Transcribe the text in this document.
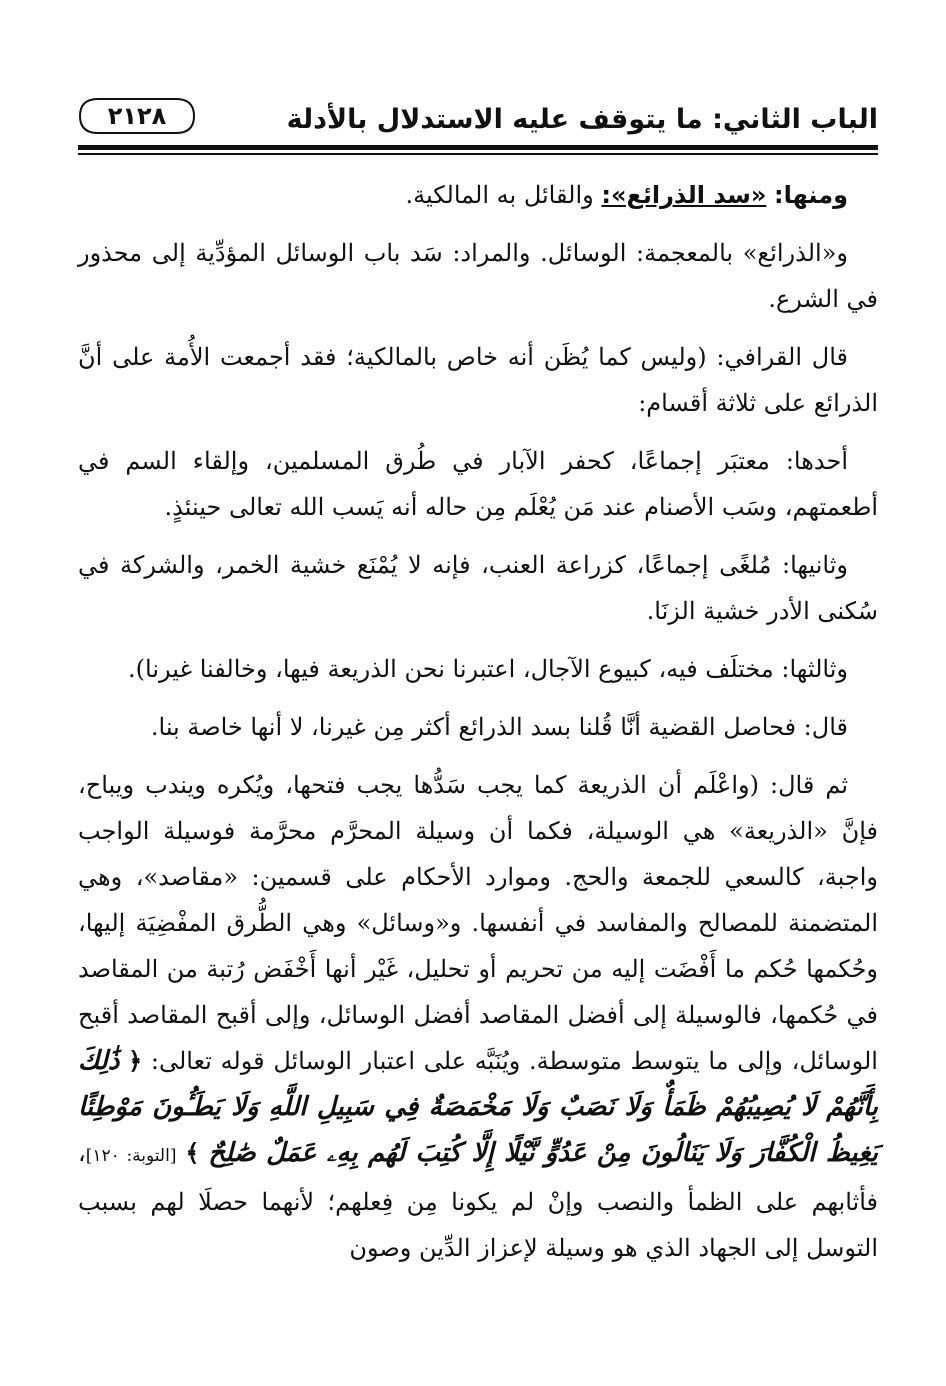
الباب الثاني: ما يتوقف عليه الاستدلال بالأدلة
٢١٢٨

ومنها: «سد الذرائع»: والقائل به المالكية.

و«الذرائع» بالمعجمة: الوسائل. والمراد: سَد باب الوسائل المؤدِّية إلى محذور في الشرع.

قال القرافي: (وليس كما يُظَن أنه خاص بالمالكية؛ فقد أجمعت الأُمة على أنَّ الذرائع على ثلاثة أقسام:

أحدها: معتبَر إجماعًا، كحفر الآبار في طُرق المسلمين، وإلقاء السم في أطعمتهم، وسَب الأصنام عند مَن يُعْلَم مِن حاله أنه يَسب الله تعالى حينئذٍ.

وثانيها: مُلغًى إجماعًا، كزراعة العنب، فإنه لا يُمْنَع خشية الخمر، والشركة في سُكنى الأدر خشية الزنَا.

وثالثها: مختلَف فيه، كبيوع الآجال، اعتبرنا نحن الذريعة فيها، وخالفنا غيرنا).

قال: فحاصل القضية أنَّا قُلنا بسد الذرائع أكثر مِن غيرنا، لا أنها خاصة بنا.

ثم قال: (واعْلَم أن الذريعة كما يجب سَدُّها يجب فتحها، ويُكره ويندب ويباح، فإنَّ «الذريعة» هي الوسيلة، فكما أن وسيلة المحرَّم محرَّمة فوسيلة الواجب واجبة، كالسعي للجمعة والحج. وموارد الأحكام على قسمين: «مقاصد»، وهي المتضمنة للمصالح والمفاسد في أنفسها. و«وسائل» وهي الطُّرق المفْضِيَة إليها، وحُكمها حُكم ما أَفْضَت إليه من تحريم أو تحليل، غَيْر أنها أَخْفَض رُتبة من المقاصد في حُكمها، فالوسيلة إلى أفضل المقاصد أفضل الوسائل، وإلى أقبح المقاصد أقبح الوسائل، وإلى ما يتوسط متوسطة. ويُنَبَّه على اعتبار الوسائل قوله تعالى: ﴿ ذَٰلِكَ بِأَنَّهُمْ لَا يُصِيبُهُمْ ظَمَأٌ وَلَا نَصَبٌ وَلَا مَخْمَصَةٌ فِي سَبِيلِ اللَّهِ وَلَا يَطَـُٔونَ مَوْطِئًا يَغِيظُ الْكُفَّارَ وَلَا يَنَالُونَ مِنْ عَدُوٍّ نَّيْلًا إِلَّا كُتِبَ لَهُم بِهِۦ عَمَلٌ صَٰلِحٌ ﴾ [التوبة: ١٢٠]، فأثابهم على الظمأ والنصب وإنْ لم يكونا مِن فِعلهم؛ لأنهما حصلَا لهم بسبب التوسل إلى الجهاد الذي هو وسيلة لإعزاز الدِّين وصون
